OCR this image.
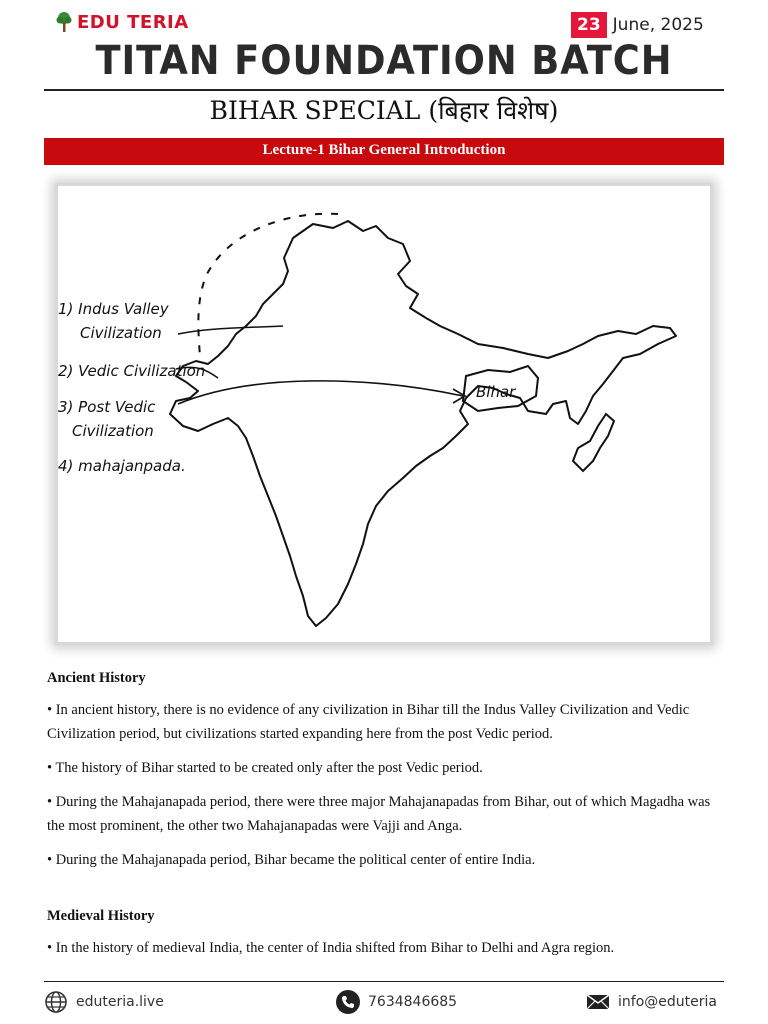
EDU TERIA	23 June, 2025
TITAN FOUNDATION BATCH
BIHAR SPECIAL (बिहार विशेष)
Lecture-1 Bihar General Introduction
1) Indus Valley
Civilization
2) Vedic Civilization
3) Post Vedic
Civilization
4) mahajanpada.
Bihar
Ancient History

• In ancient history, there is no evidence of any civilization in Bihar till the Indus Valley Civilization and Vedic Civilization period, but civilizations started expanding here from the post Vedic period.

• The history of Bihar started to be created only after the post Vedic period.

• During the Mahajanapada period, there were three major Mahajanapadas from Bihar, out of which Magadha was the most prominent, the other two Mahajanapadas were Vajji and Anga.

• During the Mahajanapada period, Bihar became the political center of entire India.

Medieval History

• In the history of medieval India, the center of India shifted from Bihar to Delhi and Agra region.

eduteria.live	7634846685	info@eduteria
